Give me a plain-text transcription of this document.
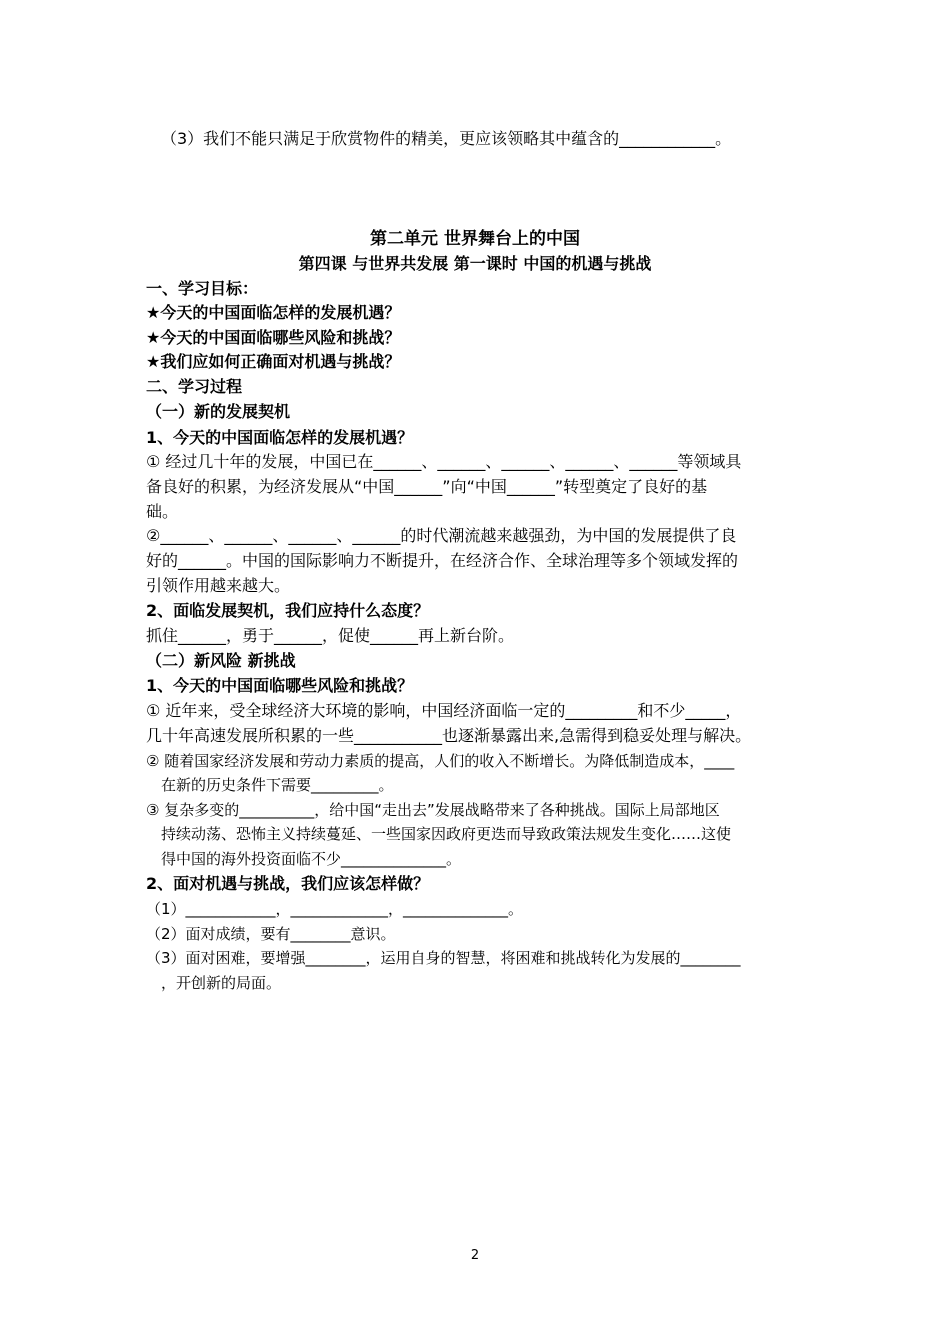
（3）我们不能只满足于欣赏物件的精美，更应该领略其中蕴含的____________。
第二单元 世界舞台上的中国
第四课 与世界共发展 第一课时 中国的机遇与挑战
一、学习目标：
★今天的中国面临怎样的发展机遇？
★今天的中国面临哪些风险和挑战？
★我们应如何正确面对机遇与挑战？
二、学习过程
（一）新的发展契机
1、今天的中国面临怎样的发展机遇？
① 经过几十年的发展，中国已在______、______、______、______、______等领域具
备良好的积累，为经济发展从“中国______”向“中国______”转型奠定了良好的基
础。
②______、______、______、______的时代潮流越来越强劲，为中国的发展提供了良
好的______。中国的国际影响力不断提升，在经济合作、全球治理等多个领域发挥的
引领作用越来越大。
2、面临发展契机，我们应持什么态度？
抓住______，勇于______，促使______再上新台阶。
（二）新风险 新挑战
1、今天的中国面临哪些风险和挑战？
① 近年来，受全球经济大环境的影响，中国经济面临一定的_________和不少_____，
几十年高速发展所积累的一些___________也逐渐暴露出来,急需得到稳妥处理与解决。
② 随着国家经济发展和劳动力素质的提高，人们的收入不断增长。为降低制造成本，____
在新的历史条件下需要_________。
③ 复杂多变的__________，给中国“走出去”发展战略带来了各种挑战。国际上局部地区
持续动荡、恐怖主义持续蔓延、一些国家因政府更迭而导致政策法规发生变化……这使
得中国的海外投资面临不少______________。
2、面对机遇与挑战，我们应该怎样做？
（1）____________，_____________，______________。
（2）面对成绩，要有________意识。
（3）面对困难，要增强________，运用自身的智慧，将困难和挑战转化为发展的________
，开创新的局面。
2
